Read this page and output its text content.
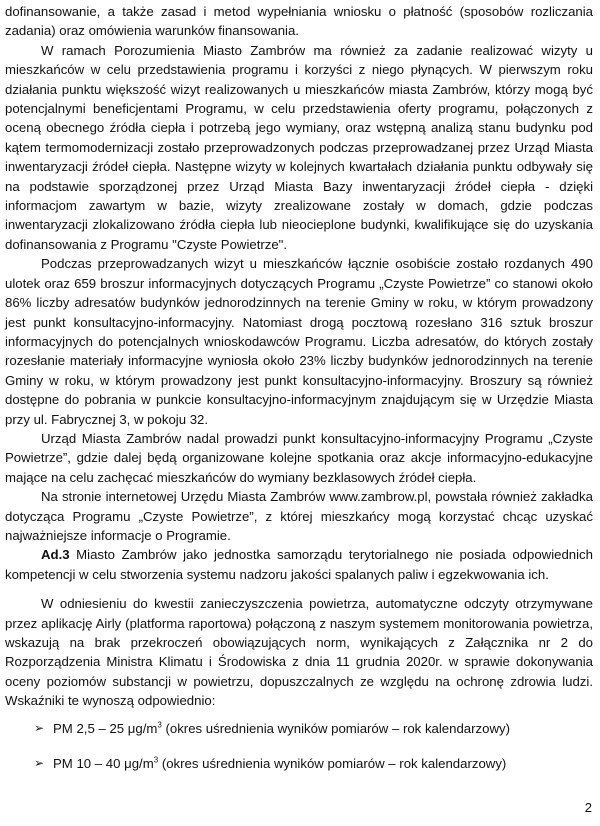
dofinansowanie, a także zasad i metod wypełniania wniosku o płatność (sposobów rozliczania zadania) oraz omówienia warunków finansowania.

W ramach Porozumienia Miasto Zambrów ma również za zadanie realizować wizyty u mieszkańców w celu przedstawienia programu i korzyści z niego płynących. W pierwszym roku działania punktu większość wizyt realizowanych u mieszkańców miasta Zambrów, którzy mogą być potencjalnymi beneficjentami Programu, w celu przedstawienia oferty programu, połączonych z oceną obecnego źródła ciepła i potrzebą jego wymiany, oraz wstępną analizą stanu budynku pod kątem termomodernizacji zostało przeprowadzonych podczas przeprowadzanej przez Urząd Miasta inwentaryzacji źródeł ciepła. Następne wizyty w kolejnych kwartałach działania punktu odbywały się na podstawie sporządzonej przez Urząd Miasta Bazy inwentaryzacji źródeł ciepła - dzięki informacjom zawartym w bazie, wizyty zrealizowane zostały w domach, gdzie podczas inwentaryzacji zlokalizowano źródła ciepła lub nieocieplone budynki, kwalifikujące się do uzyskania dofinansowania z Programu "Czyste Powietrze".

Podczas przeprowadzanych wizyt u mieszkańców łącznie osobiście zostało rozdanych 490 ulotek oraz 659 broszur informacyjnych dotyczących Programu „Czyste Powietrze” co stanowi około 86% liczby adresatów budynków jednorodzinnych na terenie Gminy w roku, w którym prowadzony jest punkt konsultacyjno-informacyjny. Natomiast drogą pocztową rozesłano 316 sztuk broszur informacyjnych do potencjalnych wnioskodawców Programu. Liczba adresatów, do których zostały rozesłanie materiały informacyjne wyniosła około 23% liczby budynków jednorodzinnych na terenie Gminy w roku, w którym prowadzony jest punkt konsultacyjno-informacyjny. Broszury są również dostępne do pobrania w punkcie konsultacyjno-informacyjnym znajdującym się w Urzędzie Miasta przy ul. Fabrycznej 3, w pokoju 32.

Urząd Miasta Zambrów nadal prowadzi punkt konsultacyjno-informacyjny Programu „Czyste Powietrze”, gdzie dalej będą organizowane kolejne spotkania oraz akcje informacyjno-edukacyjne mające na celu zachęcać mieszkańców do wymiany bezklasowych źródeł ciepła.

Na stronie internetowej Urzędu Miasta Zambrów www.zambrow.pl, powstała również zakładka dotycząca Programu „Czyste Powietrze”, z której mieszkańcy mogą korzystać chcąc uzyskać najważniejsze informacje o Programie.

Ad.3 Miasto Zambrów jako jednostka samorządu terytorialnego nie posiada odpowiednich kompetencji w celu stworzenia systemu nadzoru jakości spalanych paliw i egzekwowania ich.

W odniesieniu do kwestii zanieczyszczenia powietrza, automatyczne odczyty otrzymywane przez aplikację Airly (platforma raportowa) połączoną z naszym systemem monitorowania powietrza, wskazują na brak przekroczeń obowiązujących norm, wynikających z Załącznika nr 2 do Rozporządzenia Ministra Klimatu i Środowiska z dnia 11 grudnia 2020r. w sprawie dokonywania oceny poziomów substancji w powietrzu, dopuszczalnych ze względu na ochronę zdrowia ludzi. Wskaźniki te wynoszą odpowiednio:

➢ PM 2,5 – 25 $\mu g/m^3$ (okres uśrednienia wyników pomiarów – rok kalendarzowy)

➢ PM 10 – 40 $\mu g/m^3$ (okres uśrednienia wyników pomiarów – rok kalendarzowy)

2
